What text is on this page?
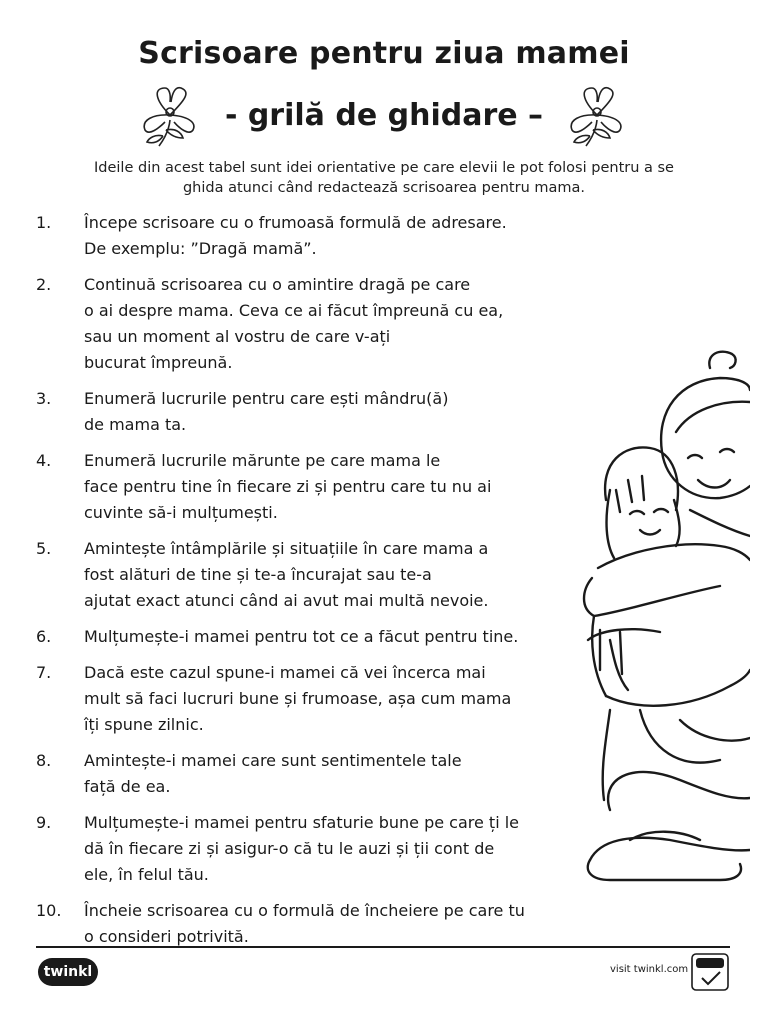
Scrisoare pentru ziua mamei
- grilă de ghidare –
Ideile din acest tabel sunt idei orientative pe care elevii le pot folosi pentru a se
ghida atunci când redactează scrisoarea pentru mama.
1.	Începe scrisoare cu o frumoasă formulă de adresare.
De exemplu: ”Dragă mamă”.
2.	Continuă scrisoarea cu o amintire dragă pe care
o ai despre mama. Ceva ce ai făcut împreună cu ea,
sau un moment al vostru de care v-ați
bucurat împreună.
3.	Enumeră lucrurile pentru care ești mândru(ă)
de mama ta.
4.	Enumeră lucrurile mărunte pe care mama le
face pentru tine în fiecare zi și pentru care tu nu ai
cuvinte să-i mulțumești.
5.	Amintește întâmplările și situațiile în care mama a
fost alături de tine și te-a încurajat sau te-a
ajutat exact atunci când ai avut mai multă nevoie.
6.	Mulțumește-i mamei pentru tot ce a făcut pentru tine.
7.	Dacă este cazul spune-i mamei că vei încerca mai
mult să faci lucruri bune și frumoase, așa cum mama
îți spune zilnic.
8.	Amintește-i mamei care sunt sentimentele tale
față de ea.
9.	Mulțumește-i mamei pentru sfaturie bune pe care ți le
dă în fiecare zi și asigur-o că tu le auzi și ții cont de
ele, în felul tău.
10.	Încheie scrisoarea cu o formulă de încheiere pe care tu
o consideri potrivită.
twinkl	visit twinkl.com
